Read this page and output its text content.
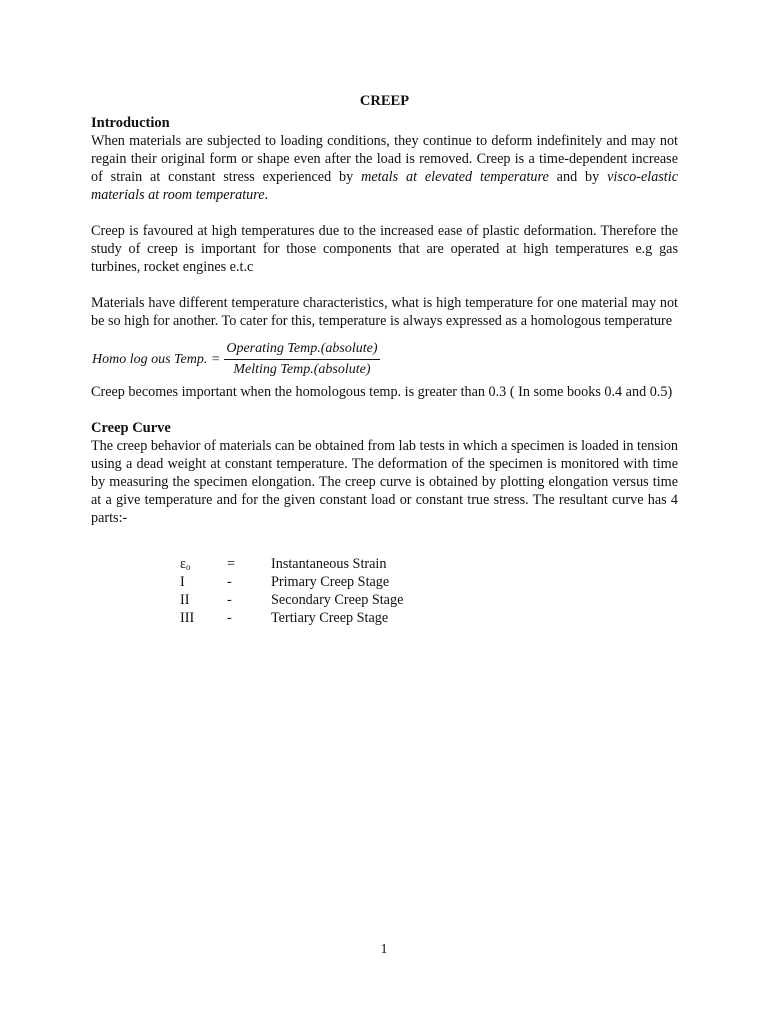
CREEP
Introduction

When materials are subjected to loading conditions, they continue to deform indefinitely and may not regain their original form or shape even after the load is removed. Creep is a time-dependent increase of strain at constant stress experienced by metals at elevated temperature and by visco-elastic materials at room temperature.

Creep is favoured at high temperatures due to the increased ease of plastic deformation. Therefore the study of creep is important for those components that are operated at high temperatures e.g gas turbines, rocket engines e.t.c

Materials have different temperature characteristics, what is high temperature for one material may not be so high for another. To cater for this, temperature is always expressed as a homologous temperature

Homo log ous Temp. = $\frac{\text{Operating Temp.(absolute)}}{\text{Melting Temp.(absolute)}}$

Creep becomes important when the homologous temp. is greater than 0.3 ( In some books 0.4 and 0.5)

Creep Curve

The creep behavior of materials can be obtained from lab tests in which a specimen is loaded in tension using a dead weight at constant temperature. The deformation of the specimen is monitored with time by measuring the specimen elongation. The creep curve is obtained by plotting elongation versus time at a give temperature and for the given constant load or constant true stress. The resultant curve has 4 parts:-

$\varepsilon_o$	=	Instantaneous Strain
I	-	Primary Creep Stage
II	-	Secondary Creep Stage
III	-	Tertiary Creep Stage
1
